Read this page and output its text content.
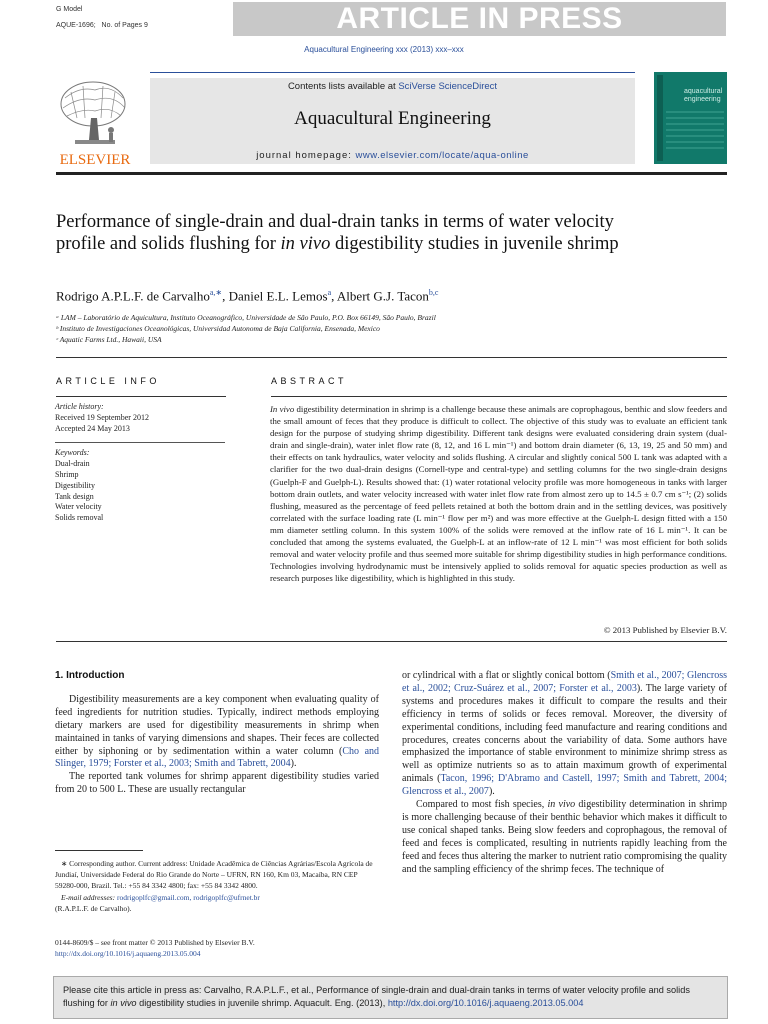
ARTICLE IN PRESS
G Model
AQUE-1696; No. of Pages 9
Aquacultural Engineering xxx (2013) xxx–xxx
ELSEVIER
Contents lists available at SciVerse ScienceDirect
Aquacultural Engineering
journal homepage: www.elsevier.com/locate/aqua-online
aquacultural
engineering
Performance of single-drain and dual-drain tanks in terms of water velocity profile and solids flushing for in vivo digestibility studies in juvenile shrimp
Rodrigo A.P.L.F. de Carvalho$^{a,∗}$, Daniel E.L. Lemos$^a$, Albert G.J. Tacon$^{b,c}$
ᵃ LAM – Laboratório de Aquicultura, Instituto Oceanográfico, Universidade de São Paulo, P.O. Box 66149, São Paulo, Brazil
ᵇ Instituto de Investigaciones Oceanológicas, Universidad Autonoma de Baja California, Ensenada, Mexico
ᶜ Aquatic Farms Ltd., Hawaii, USA
ARTICLE INFO	ABSTRACT
Article history:
Received 19 September 2012
Accepted 24 May 2013
Keywords:
Dual-drain
Shrimp
Digestibility
Tank design
Water velocity
Solids removal
In vivo digestibility determination in shrimp is a challenge because these animals are coprophagous, benthic and slow feeders and the small amount of feces that they produce is difficult to collect. The objective of this study was to evaluate an efficient tank design for the purpose of studying shrimp digestibility. Different tank designs were evaluated considering drain system (dual-drain and single-drain), water inlet flow rate (8, 12, and 16 L min⁻¹) and bottom drain diameter (6, 13, 19, 25 and 50 mm) and their effects on tank hydraulics, water velocity and solids flushing. A circular and slightly conical 500 L tank was adapted with a clarifier for the two dual-drain designs (Cornell-type and central-type) and settling columns for the two single-drain designs (Guelph-F and Guelph-L). Results showed that: (1) water rotational velocity profile was more homogeneous in tanks with larger bottom drain outlets, and water velocity increased with water inlet flow rate from almost zero up to 14.5 ± 0.7 cm s⁻¹; (2) solids flushing, measured as the percentage of feed pellets retained at both the bottom drain and in the settling devices, was positively correlated with the surface loading rate (L min⁻¹ flow per m²) and was more effective at the Guelph-L design fitted with a 150 mm diameter settling column. In this system 100% of the solids were removed at the inflow rate of 16 L min⁻¹. It can be concluded that among the systems evaluated, the Guelph-L at an inflow-rate of 12 L min⁻¹ was most efficient for both solids removal and water velocity profile and thus seemed more suitable for shrimp digestibility studies in high performance conditions. Technologies involving hydrodynamic must be intensively applied to solids removal for aquatic species production as well as research purposes like digestibility, which is highlighted in this study.
© 2013 Published by Elsevier B.V.
1. Introduction

Digestibility measurements are a key component when evaluating quality of feed ingredients for nutrition studies. Typically, indirect methods employing dietary markers are used for digestibility measurements in shrimp when maintained in tanks of varying dimensions and shapes. Their feces are collected either by siphoning or by sedimentation within a water column (Cho and Slinger, 1979; Forster et al., 2003; Smith and Tabrett, 2004).

The reported tank volumes for shrimp apparent digestibility studies varied from 20 to 500 L. These are usually rectangular

or cylindrical with a flat or slightly conical bottom (Smith et al., 2007; Glencross et al., 2002; Cruz-Suárez et al., 2007; Forster et al., 2003). The large variety of systems and procedures makes it difficult to compare the results and their efficiency in terms of solids or feces removal. Moreover, the diversity of experimental conditions, including feed manufacture and rearing conditions and procedures, creates concerns about the variability of data. Some authors have emphasized the importance of stable environment to minimize shrimp stress as well as optimize nutrients so as to attain maximum growth of experimental animals (Tacon, 1996; D'Abramo and Castell, 1997; Smith and Tabrett, 2004; Glencross et al., 2007).

Compared to most fish species, in vivo digestibility determination in shrimp is more challenging because of their benthic behavior which makes it difficult to use conical shaped tanks. Being slow feeders and coprophagous, the removal of feed and feces is complicated, resulting in nutrients rapidly leaching from the feed and feces thus altering the marker to nutrient ratio compromising the quality and the sampling efficiency of the shrimp feces. The technique of

∗ Corresponding author. Current address: Unidade Acadêmica de Ciências Agrárias/Escola Agrícola de Jundiaí, Universidade Federal do Rio Grande do Norte – UFRN, RN 160, Km 03, Macaíba, RN CEP 59280-000, Brazil. Tel.: +55 84 3342 4800; fax: +55 84 3342 4800.
E-mail addresses: rodrigoplfc@gmail.com, rodrigoplfc@ufrnet.br
(R.A.P.L.F. de Carvalho).
0144-8609/$ – see front matter © 2013 Published by Elsevier B.V.
http://dx.doi.org/10.1016/j.aquaeng.2013.05.004
Please cite this article in press as: Carvalho, R.A.P.L.F., et al., Performance of single-drain and dual-drain tanks in terms of water velocity profile and solids flushing for in vivo digestibility studies in juvenile shrimp. Aquacult. Eng. (2013), http://dx.doi.org/10.1016/j.aquaeng.2013.05.004
